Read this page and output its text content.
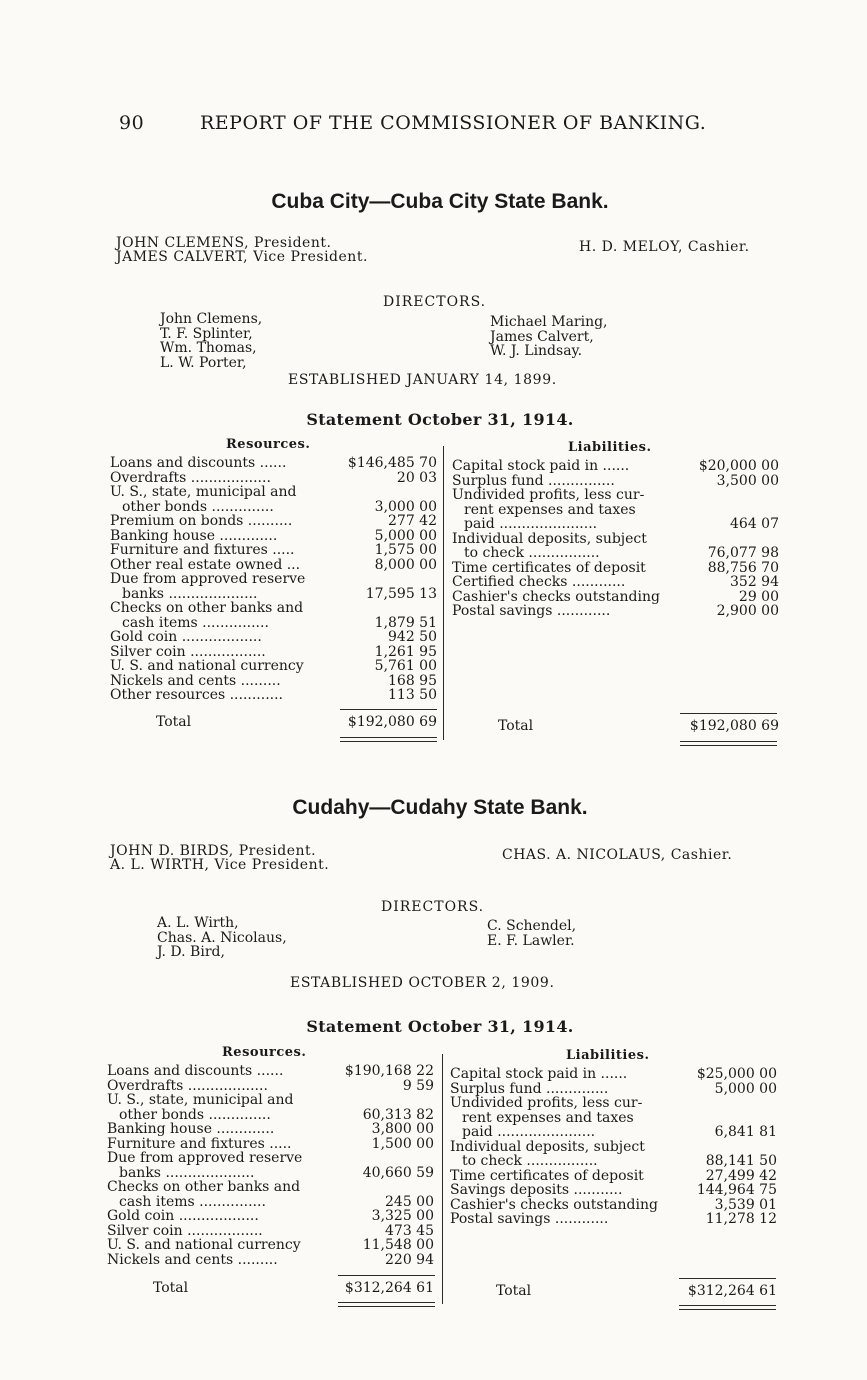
90	REPORT OF THE COMMISSIONER OF BANKING.
Cuba City—Cuba City State Bank.
JOHN CLEMENS, President.
JAMES CALVERT, Vice President.
H. D. MELOY, Cashier.
DIRECTORS.
John Clemens,
T. F. Splinter,
Wm. Thomas,
L. W. Porter,
Michael Maring,
James Calvert,
W. J. Lindsay.
ESTABLISHED JANUARY 14, 1899.
Statement October 31, 1914.
Resources.	Liabilities.
Loans and discounts ......	$146,485 70
Overdrafts ..................	20 03
U. S., state, municipal and
other bonds ..............	3,000 00
Premium on bonds ..........	277 42
Banking house .............	5,000 00
Furniture and fixtures .....	1,575 00
Other real estate owned ...	8,000 00
Due from approved reserve
banks ....................	17,595 13
Checks on other banks and
cash items ...............	1,879 51
Gold coin ..................	942 50
Silver coin .................	1,261 95
U. S. and national currency	5,761 00
Nickels and cents .........	168 95
Other resources ............	113 50
Capital stock paid in ......	$20,000 00
Surplus fund ...............	3,500 00
Undivided profits, less cur-
rent expenses and taxes
paid ......................	464 07
Individual deposits, subject
to check ................	76,077 98
Time certificates of deposit	88,756 70
Certified checks ............	352 94
Cashier's checks outstanding	29 00
Postal savings ............	2,900 00
Total	$192,080 69	Total	$192,080 69
Cudahy—Cudahy State Bank.
JOHN D. BIRDS, President.
A. L. WIRTH, Vice President.
CHAS. A. NICOLAUS, Cashier.
DIRECTORS.
A. L. Wirth,
Chas. A. Nicolaus,
J. D. Bird,
C. Schendel,
E. F. Lawler.
ESTABLISHED OCTOBER 2, 1909.
Statement October 31, 1914.
Resources.	Liabilities.
Loans and discounts ......	$190,168 22
Overdrafts ..................	9 59
U. S., state, municipal and
other bonds ..............	60,313 82
Banking house .............	3,800 00
Furniture and fixtures .....	1,500 00
Due from approved reserve
banks ....................	40,660 59
Checks on other banks and
cash items ...............	245 00
Gold coin ..................	3,325 00
Silver coin .................	473 45
U. S. and national currency	11,548 00
Nickels and cents .........	220 94
Capital stock paid in ......	$25,000 00
Surplus fund ..............	5,000 00
Undivided profits, less cur-
rent expenses and taxes
paid ......................	6,841 81
Individual deposits, subject
to check ................	88,141 50
Time certificates of deposit	27,499 42
Savings deposits ...........	144,964 75
Cashier's checks outstanding	3,539 01
Postal savings ............	11,278 12
Total	$312,264 61	Total	$312,264 61
